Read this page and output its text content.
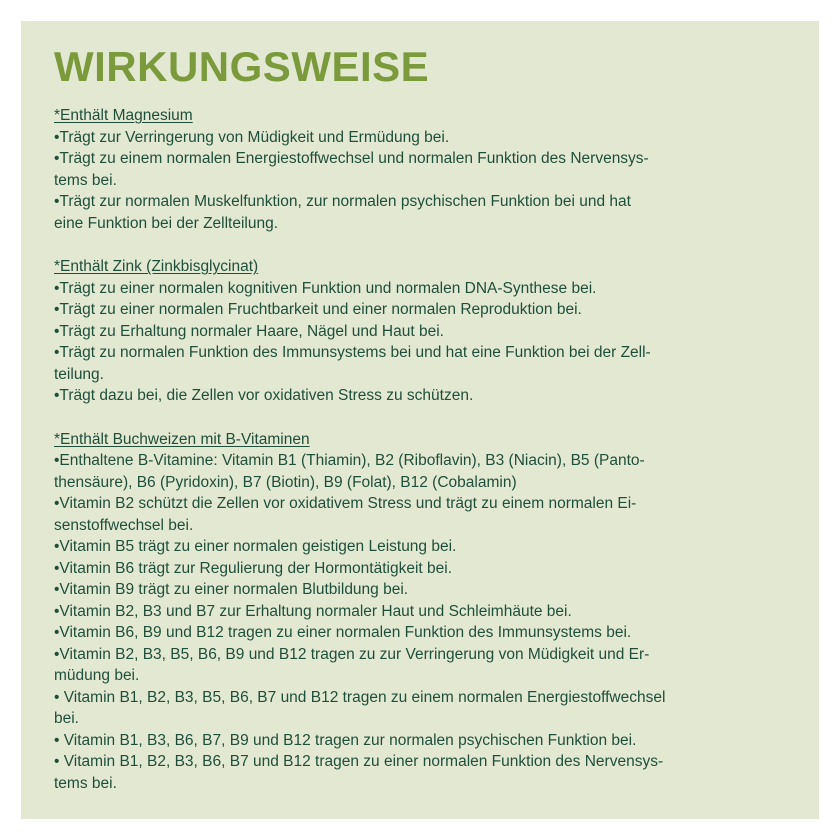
WIRKUNGSWEISE

*Enthält Magnesium

•Trägt zur Verringerung von Müdigkeit und Ermüdung bei.

•Trägt zu einem normalen Energiestoffwechsel und normalen Funktion des Nervensys-

tems bei.

•Trägt zur normalen Muskelfunktion, zur normalen psychischen Funktion bei und hat

eine Funktion bei der Zellteilung.

*Enthält Zink (Zinkbisglycinat)

•Trägt zu einer normalen kognitiven Funktion und normalen DNA-Synthese bei.

•Trägt zu einer normalen Fruchtbarkeit und einer normalen Reproduktion bei.

•Trägt zu Erhaltung normaler Haare, Nägel und Haut bei.

•Trägt zu normalen Funktion des Immunsystems bei und hat eine Funktion bei der Zell-

teilung.

•Trägt dazu bei, die Zellen vor oxidativen Stress zu schützen.

*Enthält Buchweizen mit B-Vitaminen

•Enthaltene B-Vitamine: Vitamin B1 (Thiamin), B2 (Riboflavin), B3 (Niacin), B5 (Panto-

thensäure), B6 (Pyridoxin), B7 (Biotin), B9 (Folat), B12 (Cobalamin)

•Vitamin B2 schützt die Zellen vor oxidativem Stress und trägt zu einem normalen Ei-

senstoffwechsel bei.

•Vitamin B5 trägt zu einer normalen geistigen Leistung bei.

•Vitamin B6 trägt zur Regulierung der Hormontätigkeit bei.

•Vitamin B9 trägt zu einer normalen Blutbildung bei.

•Vitamin B2, B3 und B7 zur Erhaltung normaler Haut und Schleimhäute bei.

•Vitamin B6, B9 und B12 tragen zu einer normalen Funktion des Immunsystems bei.

•Vitamin B2, B3, B5, B6, B9 und B12 tragen zu zur Verringerung von Müdigkeit und Er-

müdung bei.

• Vitamin B1, B2, B3, B5, B6, B7 und B12 tragen zu einem normalen Energiestoffwechsel

bei.

• Vitamin B1, B3, B6, B7, B9 und B12 tragen zur normalen psychischen Funktion bei.

• Vitamin B1, B2, B3, B6, B7 und B12 tragen zu einer normalen Funktion des Nervensys-

tems bei.
